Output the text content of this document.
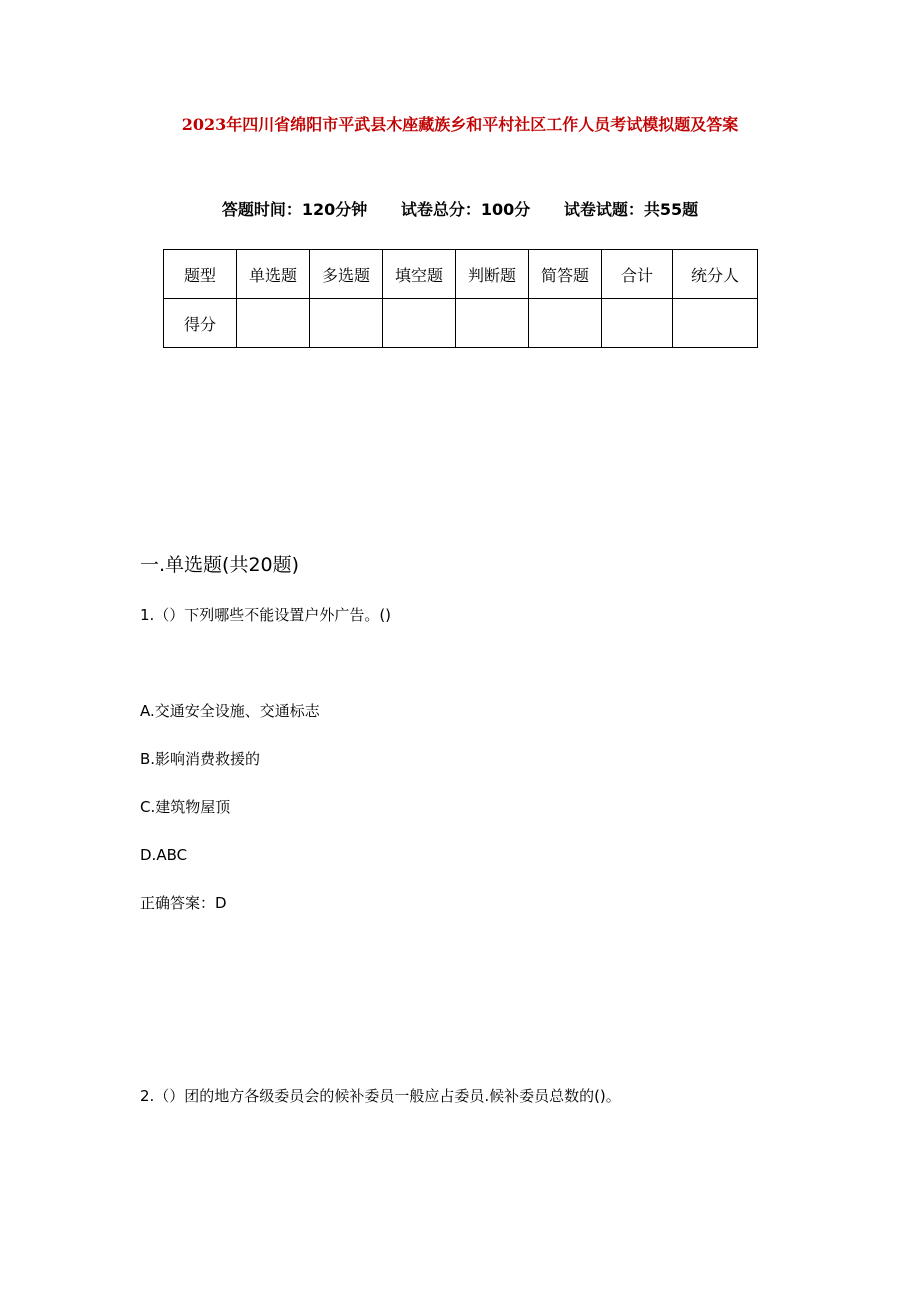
2023年四川省绵阳市平武县木座藏族乡和平村社区工作人员考试模拟题及答案
答题时间：120分钟 试卷总分：100分 试卷试题：共55题
题型	单选题	多选题	填空题	判断题	简答题	合计	统分人
得分							
一.单选题(共20题)

1.（）下列哪些不能设置户外广告。()

A.交通安全设施、交通标志

B.影响消费救援的

C.建筑物屋顶

D.ABC

正确答案：D

2.（）团的地方各级委员会的候补委员一般应占委员.候补委员总数的()。
